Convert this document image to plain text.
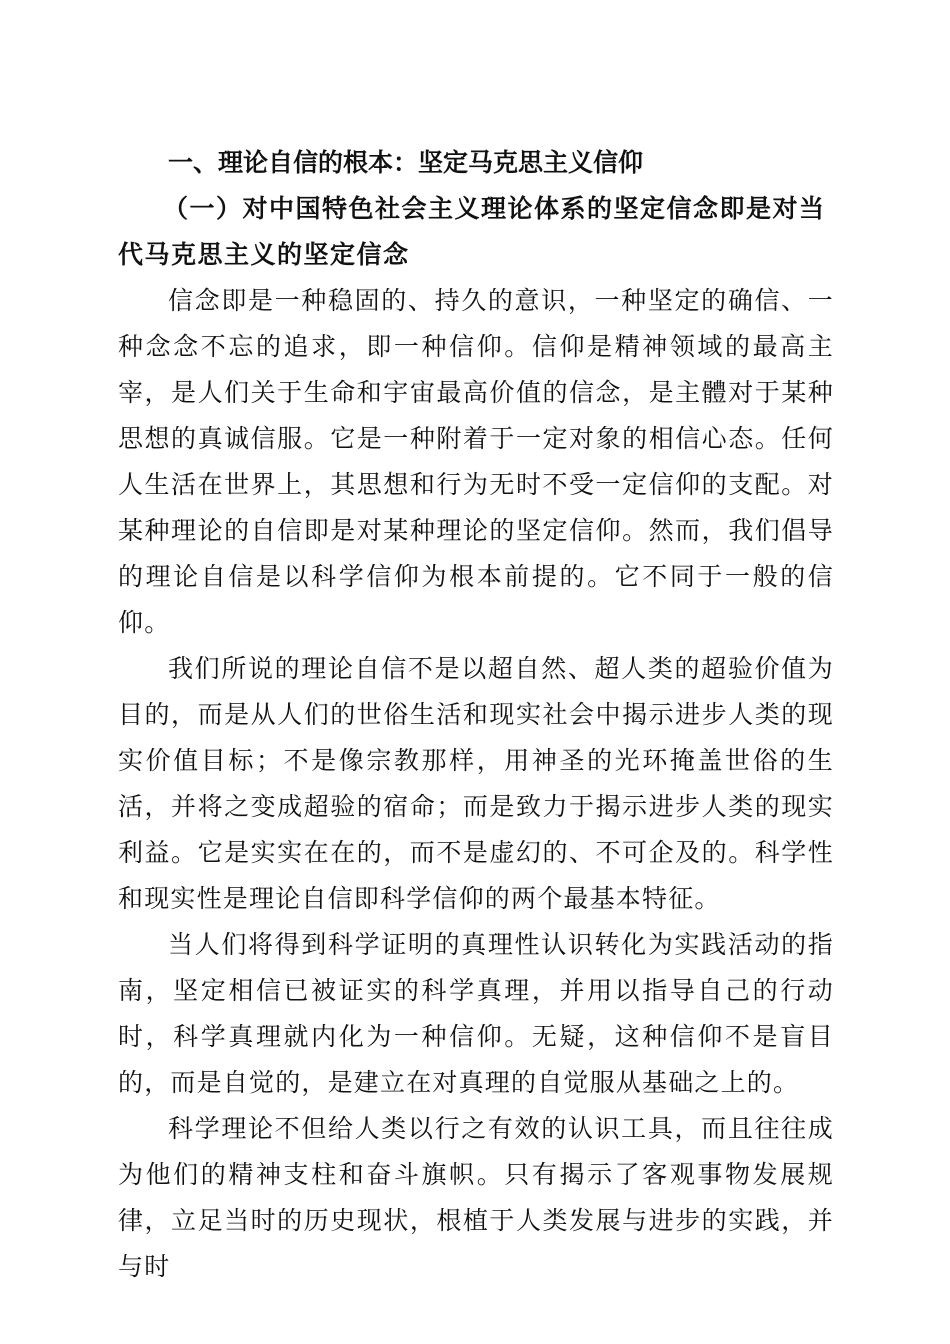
一、理论自信的根本：坚定马克思主义信仰
（一）对中国特色社会主义理论体系的坚定信念即是对当代马克思主义的坚定信念

信念即是一种稳固的、持久的意识，一种坚定的确信、一种念念不忘的追求，即一种信仰。信仰是精神领域的最高主宰，是人们关于生命和宇宙最高价值的信念，是主體对于某种思想的真诚信服。它是一种附着于一定对象的相信心态。任何人生活在世界上，其思想和行为无时不受一定信仰的支配。对某种理论的自信即是对某种理论的坚定信仰。然而，我们倡导的理论自信是以科学信仰为根本前提的。它不同于一般的信仰。

我们所说的理论自信不是以超自然、超人类的超验价值为目的，而是从人们的世俗生活和现实社会中揭示进步人类的现实价值目标；不是像宗教那样，用神圣的光环掩盖世俗的生活，并将之变成超验的宿命；而是致力于揭示进步人类的现实利益。它是实实在在的，而不是虚幻的、不可企及的。科学性和现实性是理论自信即科学信仰的两个最基本特征。

当人们将得到科学证明的真理性认识转化为实践活动的指南，坚定相信已被证实的科学真理，并用以指导自己的行动时，科学真理就内化为一种信仰。无疑，这种信仰不是盲目的，而是自觉的，是建立在对真理的自觉服从基础之上的。

科学理论不但给人类以行之有效的认识工具，而且往往成为他们的精神支柱和奋斗旗帜。只有揭示了客观事物发展规律，立足当时的历史现状，根植于人类发展与进步的实践，并与时
